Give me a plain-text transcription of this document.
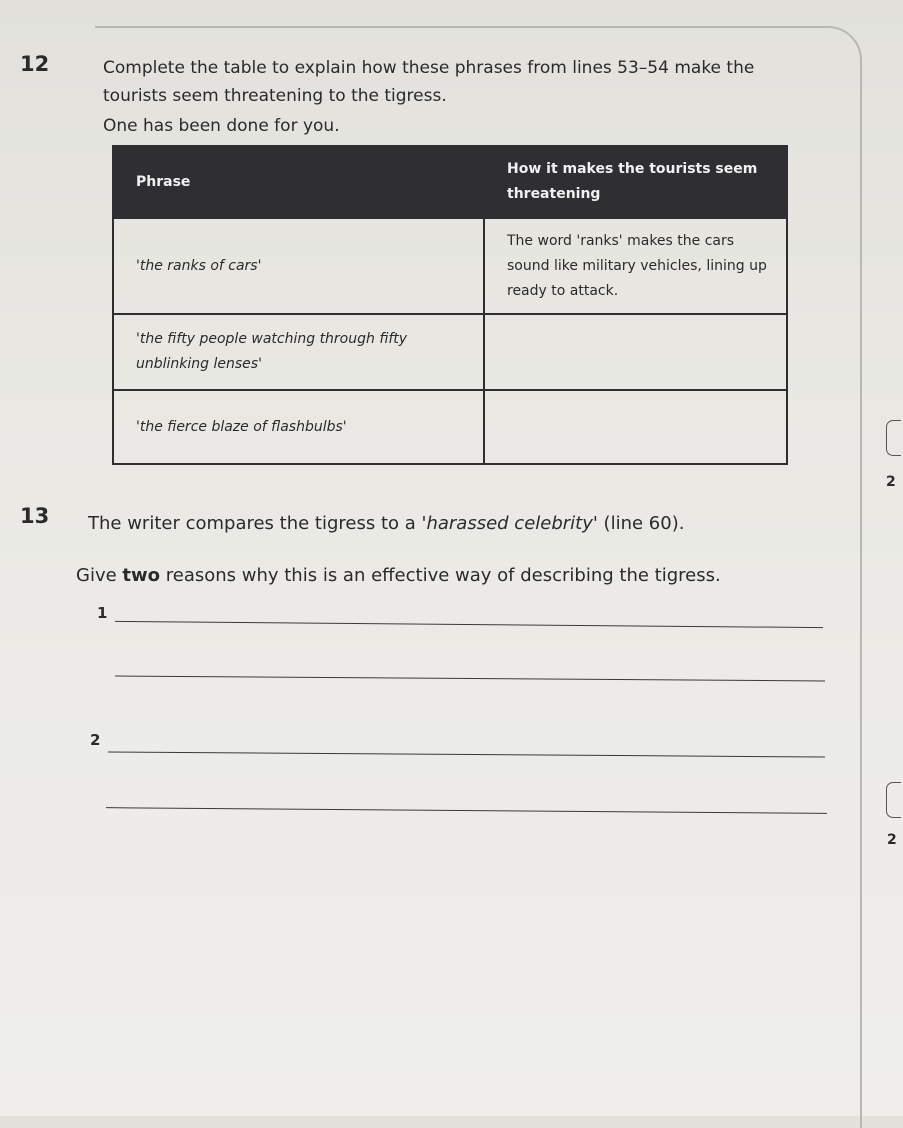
12	Complete the table to explain how these phrases from lines 53–54 make the
tourists seem threatening to the tigress.
One has been done for you.
Phrase	How it makes the tourists seem threatening
'the ranks of cars'	The word 'ranks' makes the cars sound like military vehicles, lining up ready to attack.
'the fifty people watching through fifty unblinking lenses'	
'the fierce blaze of flashbulbs'	
2
13 The writer compares the tigress to a 'harassed celebrity' (line 60).
Give two reasons why this is an effective way of describing the tigress.
1
2
2
